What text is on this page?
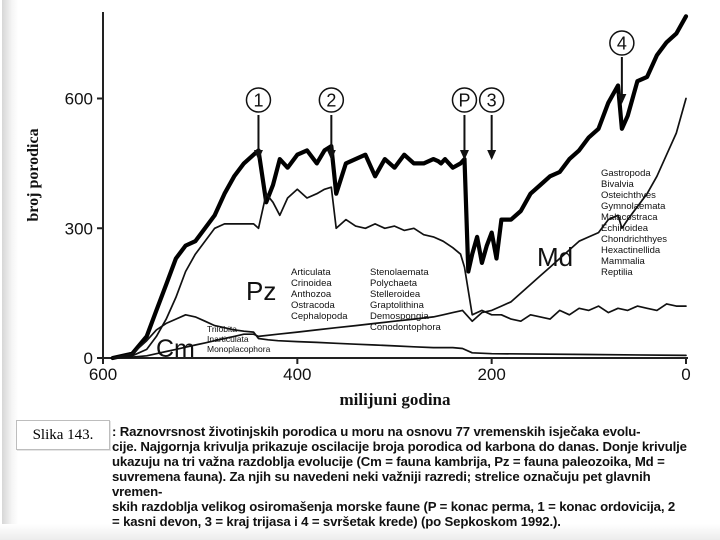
0
300
600
600	400	200	0
milijuni godina
broj porodica
1	2	P 3
4
Cm
Trilobita
Inarticulata
Monoplacophora
Pz
Articulata
Crinoidea
Anthozoa
Ostracoda
Cephalopoda
Stenolaemata
Polychaeta
Stelleroidea
Graptolithina
Demospongia
Conodontophora
Md
Gastropoda
Bivalvia
Osteichthyes
Gymnolaemata
Malacostraca
Echinoidea
Chondrichthyes
Hexactinellida
Mammalia
Reptilia
Slika 143.	: Raznovrsnost životinjskih porodica u moru na osnovu 77 vremenskih isječaka evolu-
cije. Najgornja krivulja prikazuje oscilacije broja porodica od karbona do danas. Donje krivulje
ukazuju na tri važna razdoblja evolucije (Cm = fauna kambrija, Pz = fauna paleozoika, Md =
suvremena fauna). Za njih su navedeni neki važniji razredi; strelice označuju pet glavnih vremen-
skih razdoblja velikog osiromašenja morske faune (P = konac perma, 1 = konac ordovicija, 2
= kasni devon, 3 = kraj trijasa i 4 = svršetak krede) (po Sepkoskom 1992.).
